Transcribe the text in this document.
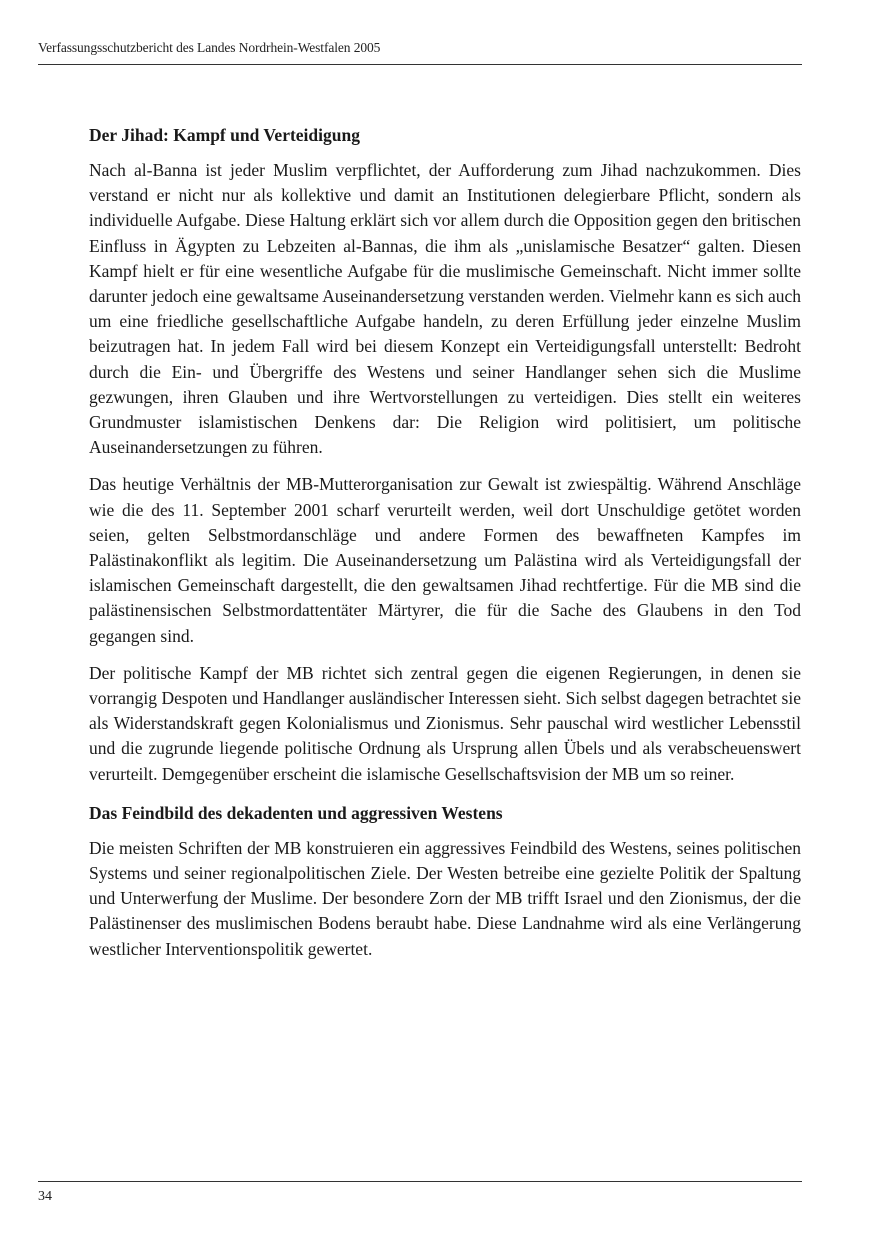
Verfassungsschutzbericht des Landes Nordrhein-Westfalen 2005
Der Jihad: Kampf und Verteidigung

Nach al-Banna ist jeder Muslim verpflichtet, der Aufforderung zum Jihad nachzukommen. Dies verstand er nicht nur als kollektive und damit an Institutionen delegierbare Pflicht, sondern als individuelle Aufgabe. Diese Haltung erklärt sich vor allem durch die Opposition gegen den britischen Einfluss in Ägypten zu Lebzeiten al-Bannas, die ihm als „unislamische Besatzer“ galten. Diesen Kampf hielt er für eine wesentliche Aufgabe für die muslimische Gemeinschaft. Nicht immer sollte darunter jedoch eine gewaltsame Auseinandersetzung verstanden werden. Vielmehr kann es sich auch um eine friedliche gesellschaftliche Aufgabe handeln, zu deren Erfüllung jeder einzelne Muslim beizutragen hat. In jedem Fall wird bei diesem Konzept ein Verteidigungsfall unterstellt: Bedroht durch die Ein- und Übergriffe des Westens und seiner Handlanger sehen sich die Muslime gezwungen, ihren Glauben und ihre Wertvorstellungen zu verteidigen. Dies stellt ein weiteres Grundmuster islamistischen Denkens dar: Die Religion wird politisiert, um politische Auseinandersetzungen zu führen.

Das heutige Verhältnis der MB-Mutterorganisation zur Gewalt ist zwiespältig. Während Anschläge wie die des 11. September 2001 scharf verurteilt werden, weil dort Unschuldige getötet worden seien, gelten Selbstmordanschläge und andere Formen des bewaffneten Kampfes im Palästinakonflikt als legitim. Die Auseinandersetzung um Palästina wird als Verteidigungsfall der islamischen Gemeinschaft dargestellt, die den gewaltsamen Jihad rechtfertige. Für die MB sind die palästinensischen Selbstmordattentäter Märtyrer, die für die Sache des Glaubens in den Tod gegangen sind.

Der politische Kampf der MB richtet sich zentral gegen die eigenen Regierungen, in denen sie vorrangig Despoten und Handlanger ausländischer Interessen sieht. Sich selbst dagegen betrachtet sie als Widerstandskraft gegen Kolonialismus und Zionismus. Sehr pauschal wird westlicher Lebensstil und die zugrunde liegende politische Ordnung als Ursprung allen Übels und als verabscheuenswert verurteilt. Demgegenüber erscheint die islamische Gesellschaftsvision der MB um so reiner.

Das Feindbild des dekadenten und aggressiven Westens

Die meisten Schriften der MB konstruieren ein aggressives Feindbild des Westens, seines politischen Systems und seiner regionalpolitischen Ziele. Der Westen betreibe eine gezielte Politik der Spaltung und Unterwerfung der Muslime. Der besondere Zorn der MB trifft Israel und den Zionismus, der die Palästinenser des muslimischen Bodens beraubt habe. Diese Landnahme wird als eine Verlängerung westlicher Interventionspolitik gewertet.

34
